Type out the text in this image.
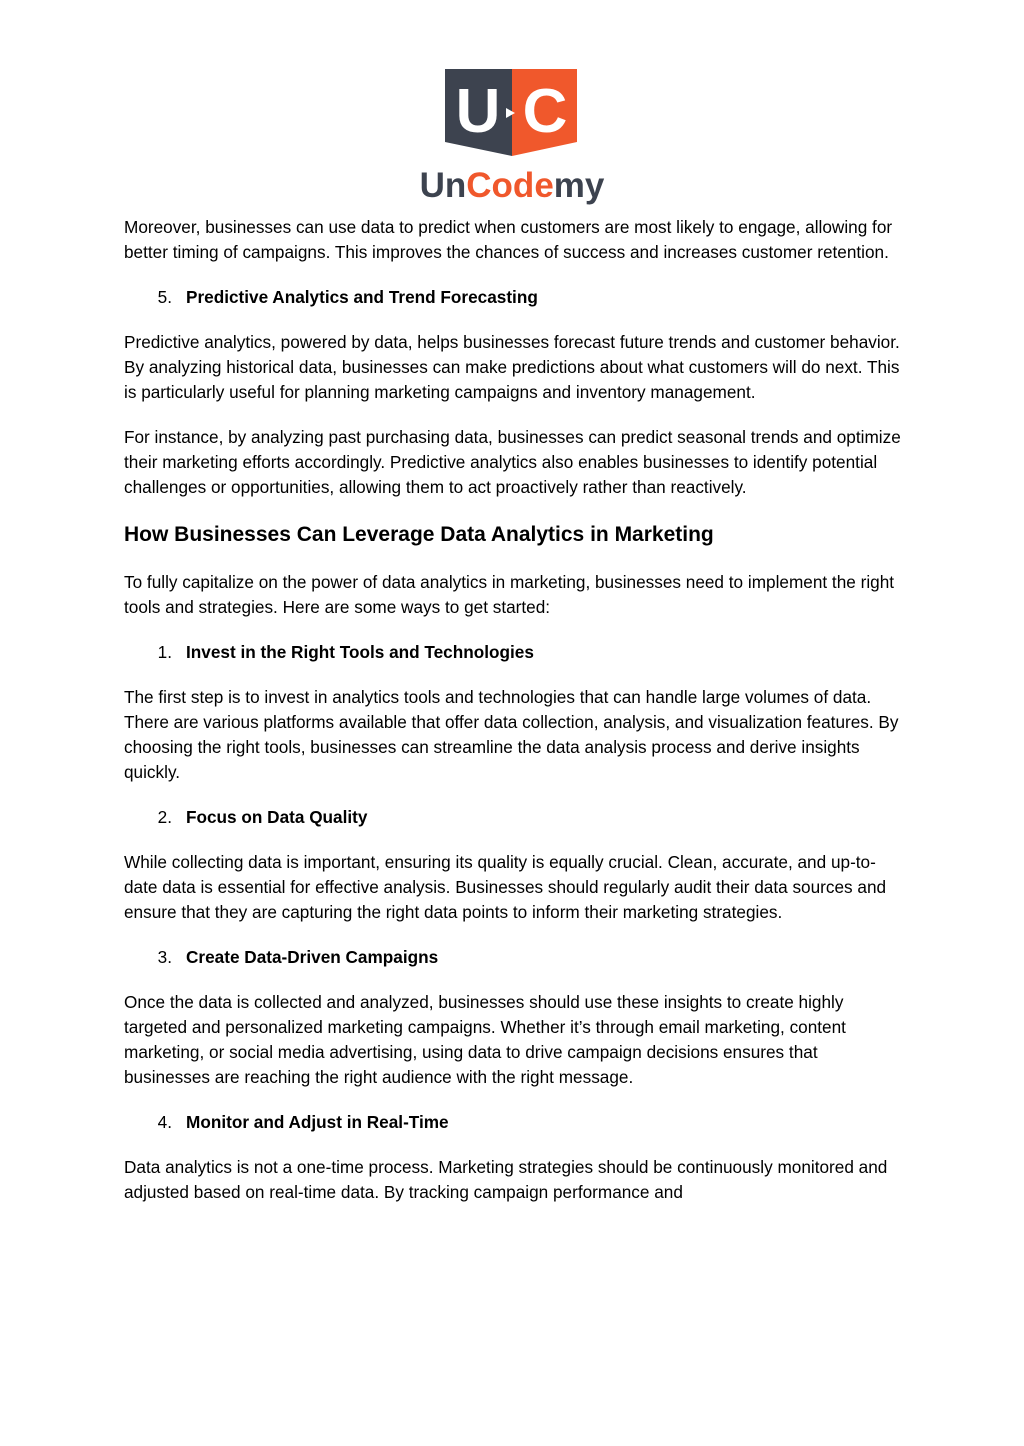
U C
UnCodemy

Moreover, businesses can use data to predict when customers are most likely to engage, allowing for better timing of campaigns. This improves the chances of success and increases customer retention.

5. Predictive Analytics and Trend Forecasting

Predictive analytics, powered by data, helps businesses forecast future trends and customer behavior. By analyzing historical data, businesses can make predictions about what customers will do next. This is particularly useful for planning marketing campaigns and inventory management.

For instance, by analyzing past purchasing data, businesses can predict seasonal trends and optimize their marketing efforts accordingly. Predictive analytics also enables businesses to identify potential challenges or opportunities, allowing them to act proactively rather than reactively.

How Businesses Can Leverage Data Analytics in Marketing

To fully capitalize on the power of data analytics in marketing, businesses need to implement the right tools and strategies. Here are some ways to get started:

1. Invest in the Right Tools and Technologies

The first step is to invest in analytics tools and technologies that can handle large volumes of data. There are various platforms available that offer data collection, analysis, and visualization features. By choosing the right tools, businesses can streamline the data analysis process and derive insights quickly.

2. Focus on Data Quality

While collecting data is important, ensuring its quality is equally crucial. Clean, accurate, and up-to-date data is essential for effective analysis. Businesses should regularly audit their data sources and ensure that they are capturing the right data points to inform their marketing strategies.

3. Create Data-Driven Campaigns

Once the data is collected and analyzed, businesses should use these insights to create highly targeted and personalized marketing campaigns. Whether it’s through email marketing, content marketing, or social media advertising, using data to drive campaign decisions ensures that businesses are reaching the right audience with the right message.

4. Monitor and Adjust in Real-Time

Data analytics is not a one-time process. Marketing strategies should be continuously monitored and adjusted based on real-time data. By tracking campaign performance and
